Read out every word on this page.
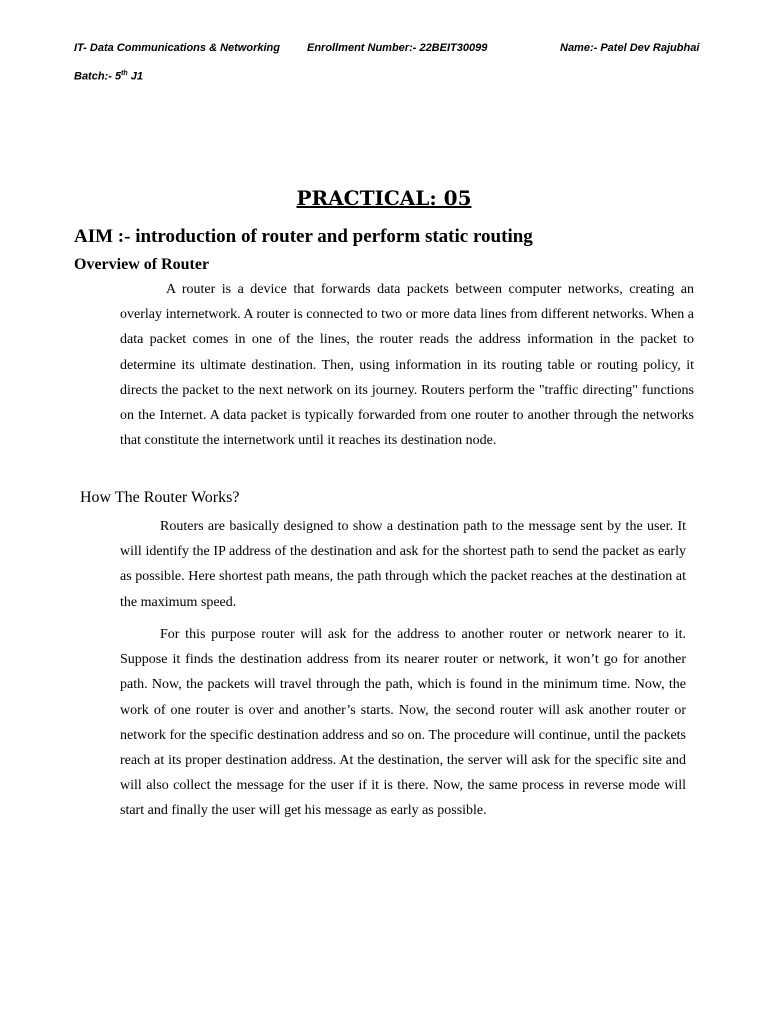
IT- Data Communications & Networking Enrollment Number:- 22BEIT30099	Name:- Patel Dev Rajubhai
Batch:- 5th J1
PRACTICAL: 05
AIM :- introduction of router and perform static routing
Overview of Router

A router is a device that forwards data packets between computer networks, creating an overlay internetwork. A router is connected to two or more data lines from different networks. When a data packet comes in one of the lines, the router reads the address information in the packet to determine its ultimate destination. Then, using information in its routing table or routing policy, it directs the packet to the next network on its journey. Routers perform the "traffic directing" functions on the Internet. A data packet is typically forwarded from one router to another through the networks that constitute the internetwork until it reaches its destination node.

How The Router Works?

Routers are basically designed to show a destination path to the message sent by the user. It will identify the IP address of the destination and ask for the shortest path to send the packet as early as possible. Here shortest path means, the path through which the packet reaches at the destination at the maximum speed.

For this purpose router will ask for the address to another router or network nearer to it. Suppose it finds the destination address from its nearer router or network, it won’t go for another path. Now, the packets will travel through the path, which is found in the minimum time. Now, the work of one router is over and another’s starts. Now, the second router will ask another router or network for the specific destination address and so on. The procedure will continue, until the packets reach at its proper destination address. At the destination, the server will ask for the specific site and will also collect the message for the user if it is there. Now, the same process in reverse mode will start and finally the user will get his message as early as possible.
